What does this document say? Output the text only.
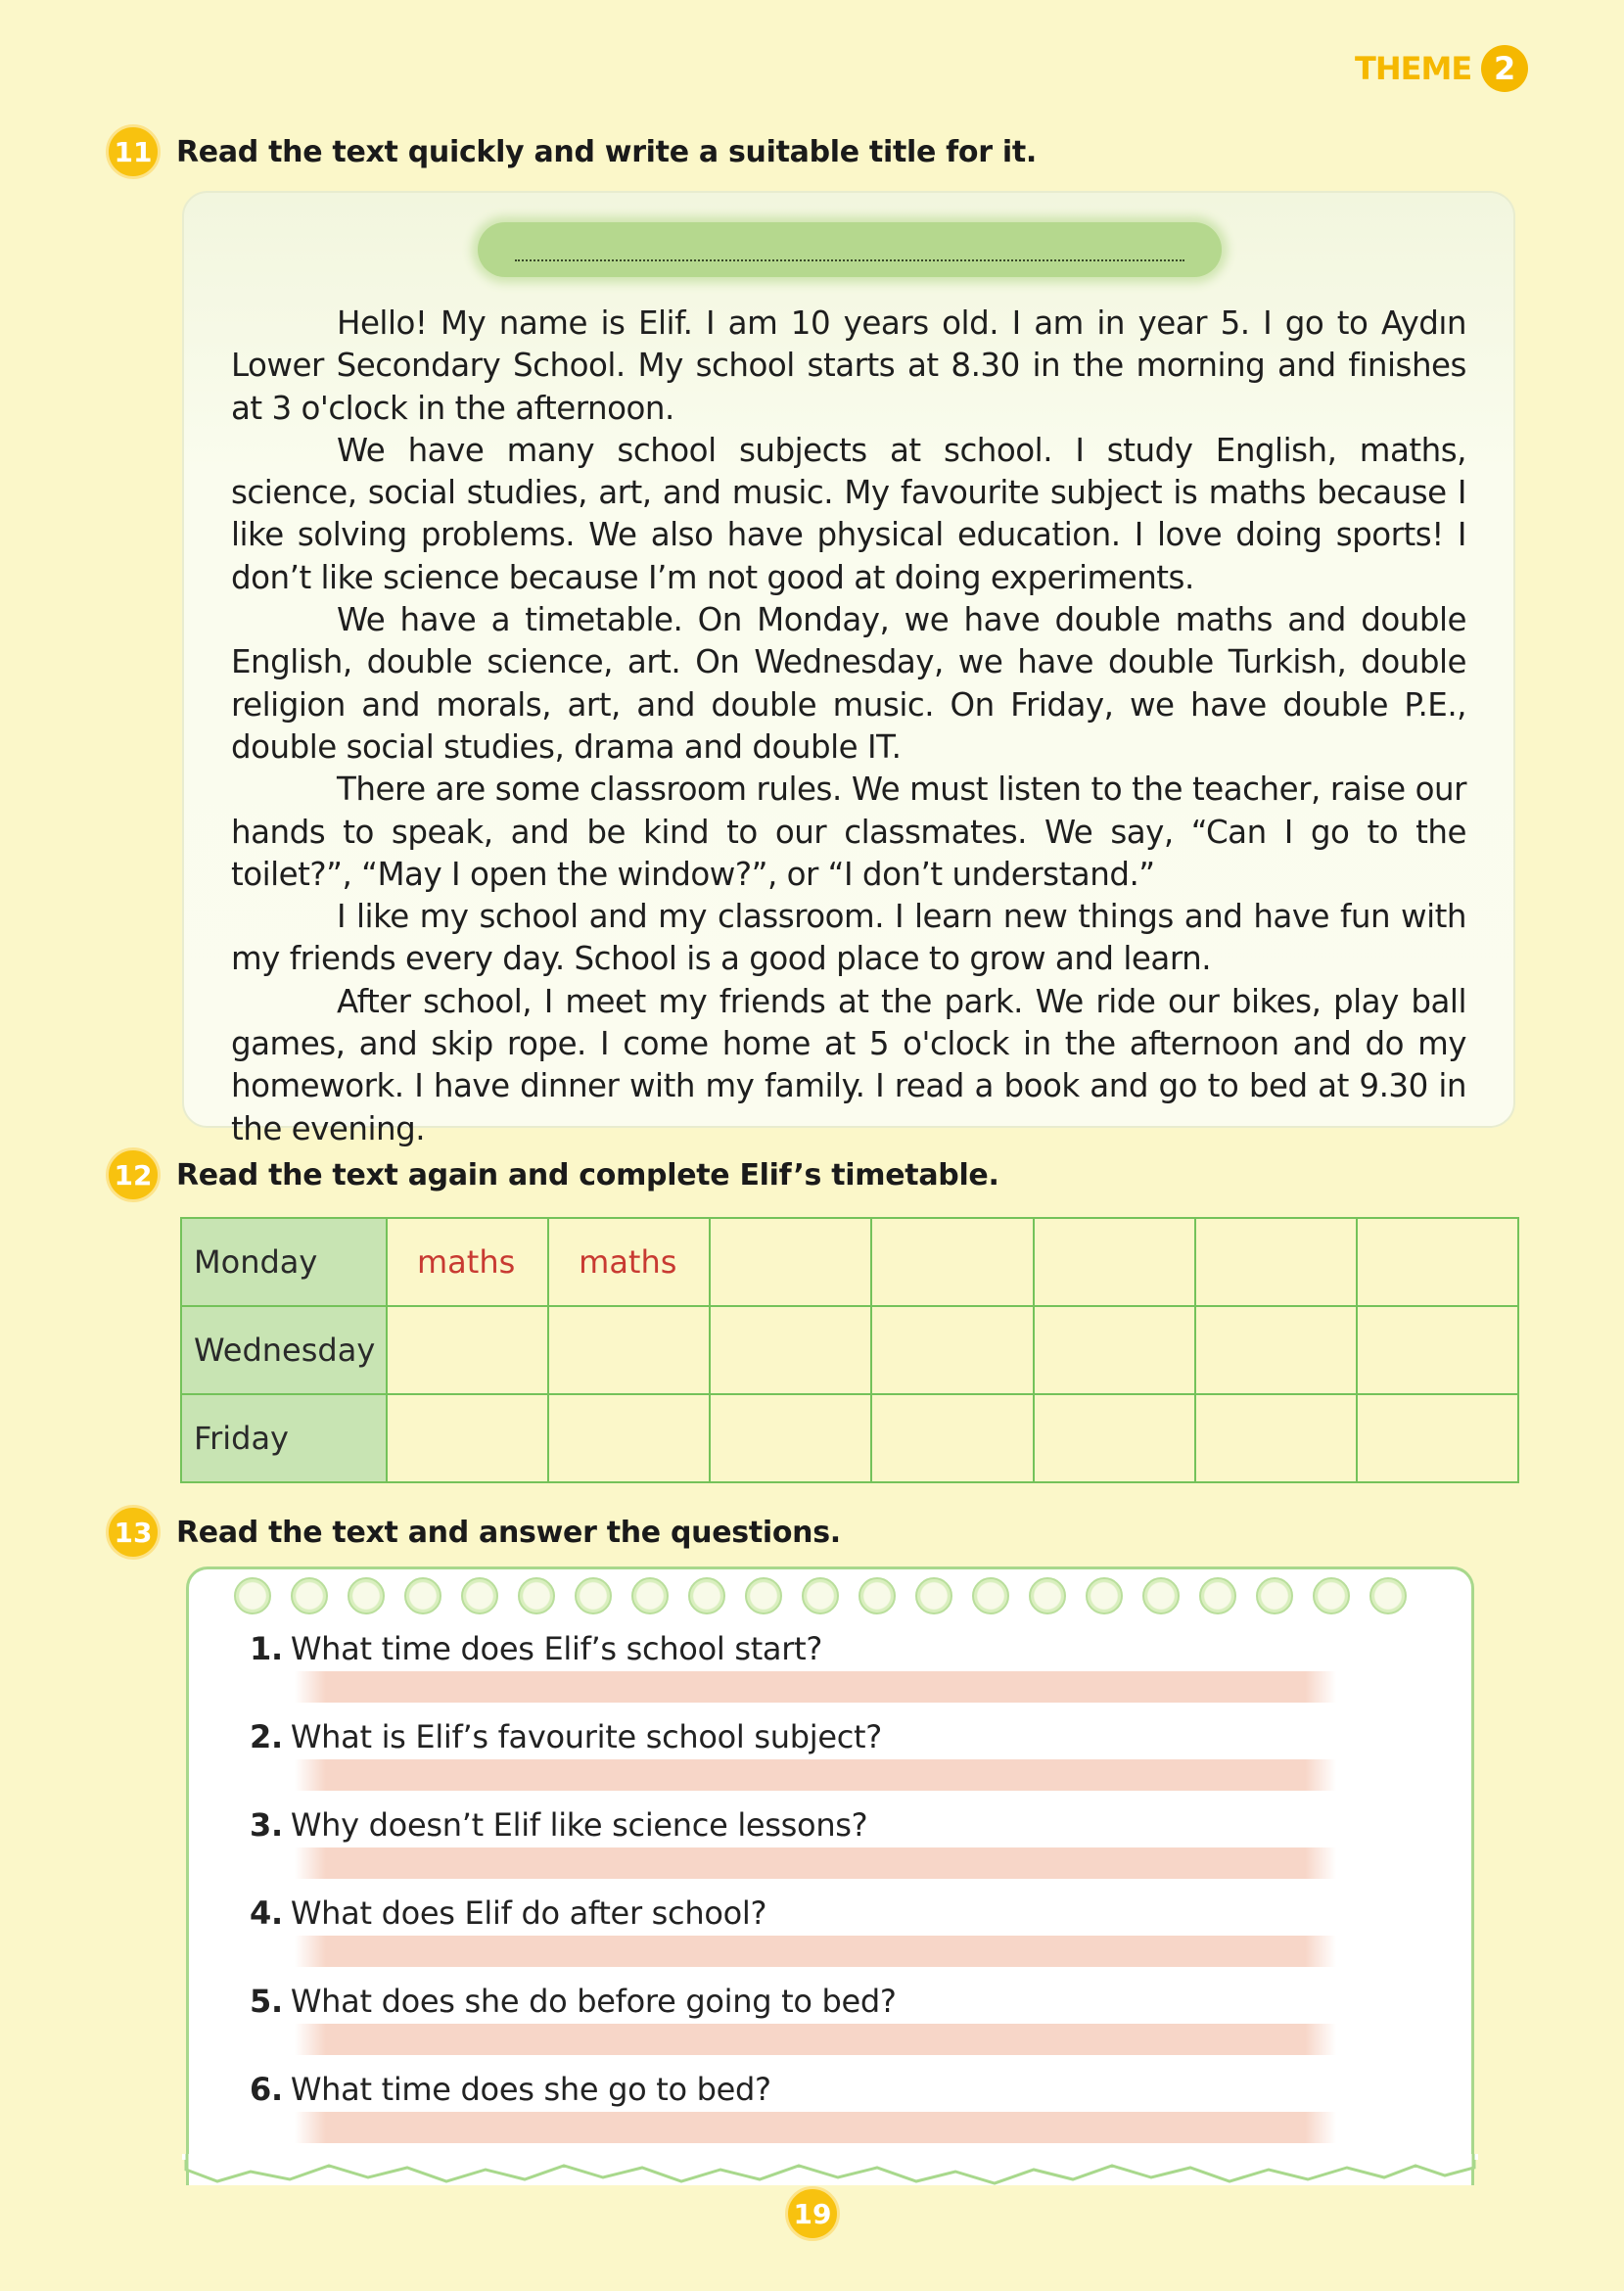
THEME 2
11 Read the text quickly and write a suitable title for it.

Hello! My name is Elif. I am 10 years old. I am in year 5. I go to Aydın Lower Secondary School. My school starts at 8.30 in the morning and finishes at 3 o'clock in the afternoon.

We have many school subjects at school. I study English, maths, science, social studies, art, and music. My favourite subject is maths because I like solving problems. We also have physical education. I love doing sports! I don’t like science because I’m not good at doing experiments.

We have a timetable. On Monday, we have double maths and double English, double science, art. On Wednesday, we have double Turkish, double religion and morals, art, and double music. On Friday, we have double P.E., double social studies, drama and double IT.

There are some classroom rules. We must listen to the teacher, raise our hands to speak, and be kind to our classmates. We say, “Can I go to the toilet?”, “May I open the window?”, or “I don’t understand.”

I like my school and my classroom. I learn new things and have fun with my friends every day. School is a good place to grow and learn.

After school, I meet my friends at the park. We ride our bikes, play ball games, and skip rope. I come home at 5 o'clock in the afternoon and do my homework. I have dinner with my family. I read a book and go to bed at 9.30 in the evening.

12 Read the text again and complete Elif’s timetable.
Monday	maths	maths					
Wednesday							
Friday							
13 Read the text and answer the questions.
1. What time does Elif’s school start?
2. What is Elif’s favourite school subject?
3. Why doesn’t Elif like science lessons?
4. What does Elif do after school?
5. What does she do before going to bed?
6. What time does she go to bed?
19
